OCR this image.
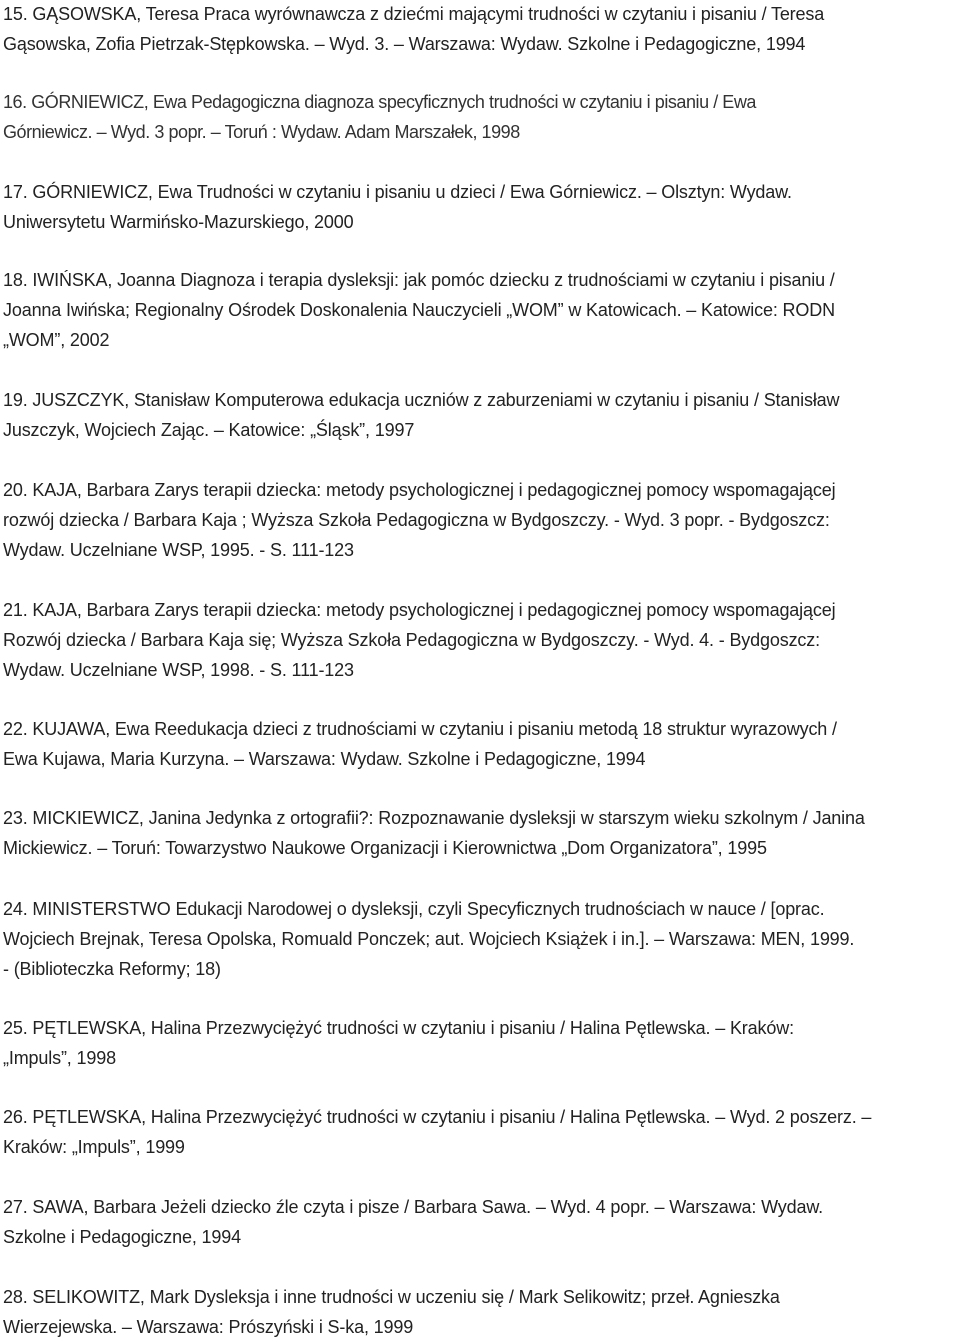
15. GĄSOWSKA, Teresa Praca wyrównawcza z dziećmi mającymi trudności w czytaniu i pisaniu / Teresa
Gąsowska, Zofia Pietrzak-Stępkowska. – Wyd. 3. – Warszawa: Wydaw. Szkolne i Pedagogiczne, 1994
16. GÓRNIEWICZ, Ewa Pedagogiczna diagnoza specyficznych trudności w czytaniu i pisaniu / Ewa
Górniewicz. – Wyd. 3 popr. – Toruń : Wydaw. Adam Marszałek, 1998
17. GÓRNIEWICZ, Ewa Trudności w czytaniu i pisaniu u dzieci / Ewa Górniewicz. – Olsztyn: Wydaw.
Uniwersytetu Warmińsko-Mazurskiego, 2000
18. IWIŃSKA, Joanna Diagnoza i terapia dysleksji: jak pomóc dziecku z trudnościami w czytaniu i pisaniu /
Joanna Iwińska; Regionalny Ośrodek Doskonalenia Nauczycieli „WOM” w Katowicach. – Katowice: RODN
„WOM”, 2002
19. JUSZCZYK, Stanisław Komputerowa edukacja uczniów z zaburzeniami w czytaniu i pisaniu / Stanisław
Juszczyk, Wojciech Zając. – Katowice: „Śląsk”, 1997
20. KAJA, Barbara Zarys terapii dziecka: metody psychologicznej i pedagogicznej pomocy wspomagającej
rozwój dziecka / Barbara Kaja ; Wyższa Szkoła Pedagogiczna w Bydgoszczy. - Wyd. 3 popr. - Bydgoszcz:
Wydaw. Uczelniane WSP, 1995. - S. 111-123
21. KAJA, Barbara Zarys terapii dziecka: metody psychologicznej i pedagogicznej pomocy wspomagającej
Rozwój dziecka / Barbara Kaja się; Wyższa Szkoła Pedagogiczna w Bydgoszczy. - Wyd. 4. - Bydgoszcz:
Wydaw. Uczelniane WSP, 1998. - S. 111-123
22. KUJAWA, Ewa Reedukacja dzieci z trudnościami w czytaniu i pisaniu metodą 18 struktur wyrazowych /
Ewa Kujawa, Maria Kurzyna. – Warszawa: Wydaw. Szkolne i Pedagogiczne, 1994
23. MICKIEWICZ, Janina Jedynka z ortografii?: Rozpoznawanie dysleksji w starszym wieku szkolnym / Janina
Mickiewicz. – Toruń: Towarzystwo Naukowe Organizacji i Kierownictwa „Dom Organizatora”, 1995
24. MINISTERSTWO Edukacji Narodowej o dysleksji, czyli Specyficznych trudnościach w nauce / [oprac.
Wojciech Brejnak, Teresa Opolska, Romuald Ponczek; aut. Wojciech Książek i in.]. – Warszawa: MEN, 1999.
- (Biblioteczka Reformy; 18)
25. PĘTLEWSKA, Halina Przezwyciężyć trudności w czytaniu i pisaniu / Halina Pętlewska. – Kraków:
„Impuls”, 1998
26. PĘTLEWSKA, Halina Przezwyciężyć trudności w czytaniu i pisaniu / Halina Pętlewska. – Wyd. 2 poszerz. –
Kraków: „Impuls”, 1999
27. SAWA, Barbara Jeżeli dziecko źle czyta i pisze / Barbara Sawa. – Wyd. 4 popr. – Warszawa: Wydaw.
Szkolne i Pedagogiczne, 1994
28. SELIKOWITZ, Mark Dysleksja i inne trudności w uczeniu się / Mark Selikowitz; przeł. Agnieszka
Wierzejewska. – Warszawa: Prószyński i S-ka, 1999
